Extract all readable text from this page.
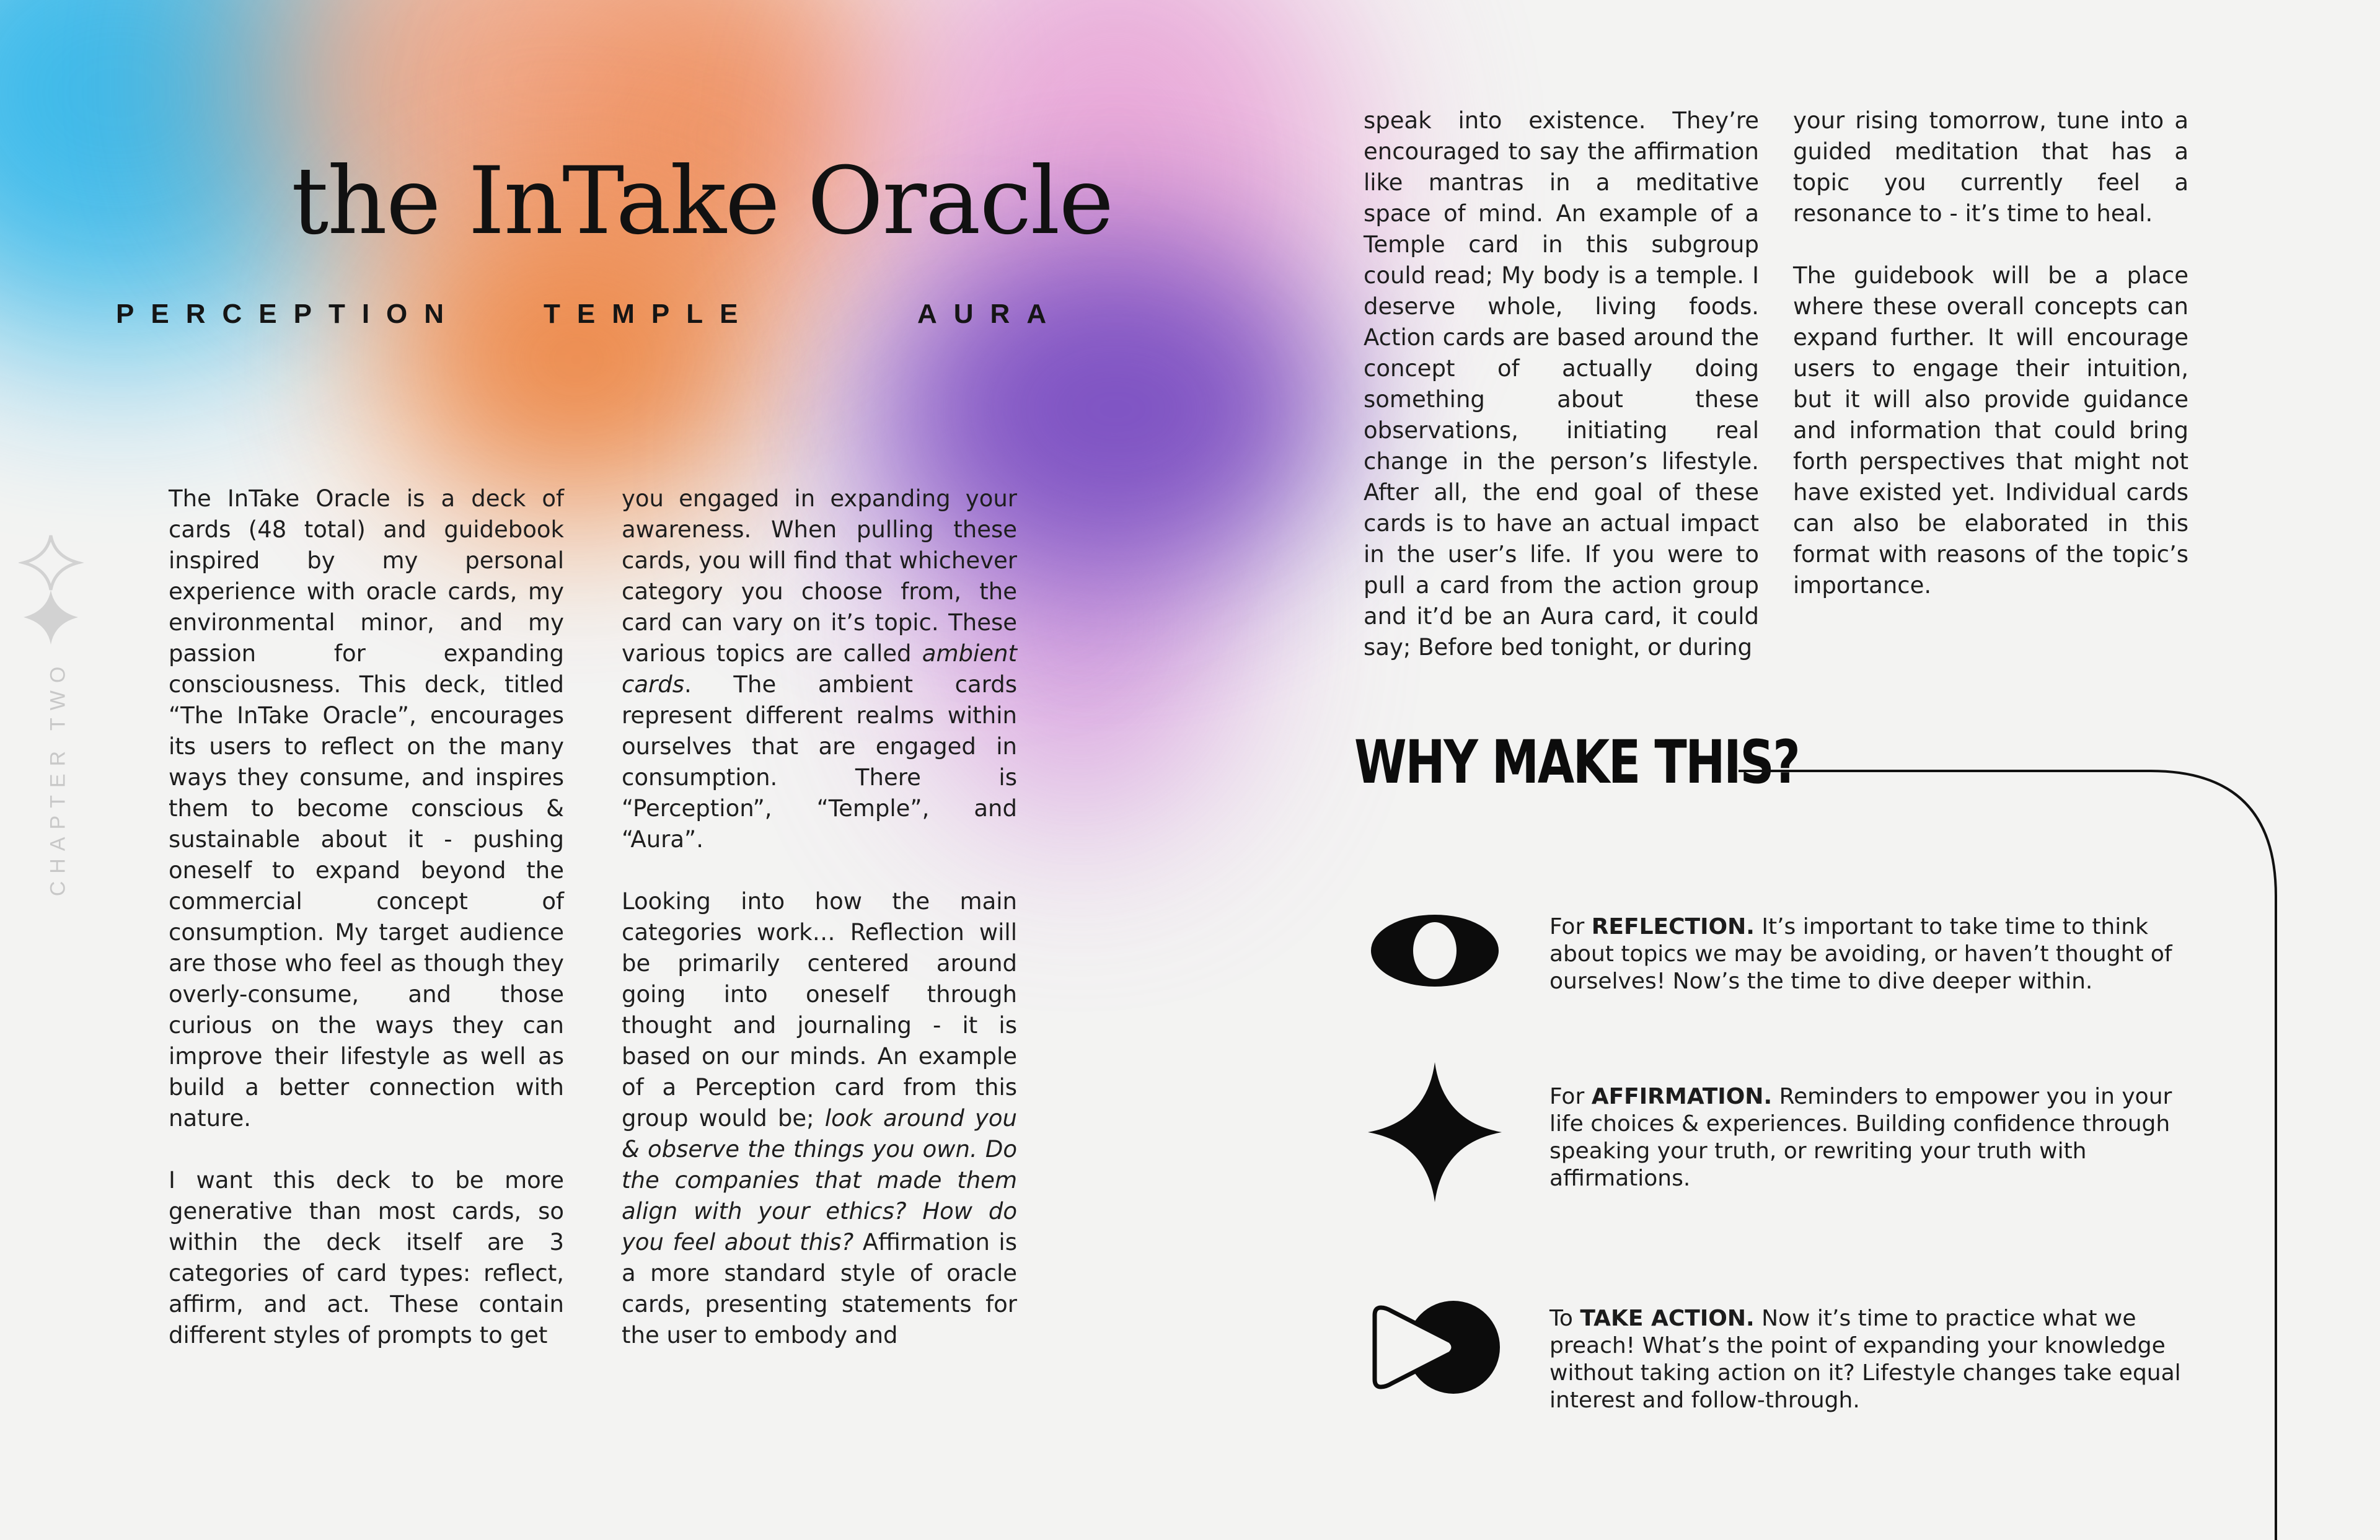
the InTake Oracle
PERCEPTION	TEMPLE	AURA
CHAPTER TWO

The InTake Oracle is a deck of cards (48 total) and guidebook inspired by my personal experience with oracle cards, my environmental minor, and my passion for expanding consciousness. This deck, titled “The InTake Oracle”, encourages its users to reflect on the many ways they consume, and inspires them to become conscious & sustainable about it - pushing oneself to expand beyond the commercial concept of consumption. My target audience are those who feel as though they overly-consume, and those curious on the ways they can improve their lifestyle as well as build a better connection with nature.

I want this deck to be more generative than most cards, so within the deck itself are 3 categories of card types: reflect, affirm, and act. These contain different styles of prompts to get

you engaged in expanding your awareness. When pulling these cards, you will find that whichever category you choose from, the card can vary on it’s topic. These various topics are called ambient cards. The ambient cards represent different realms within ourselves that are engaged in consumption. There is “Perception”, “Temple”, and “Aura”.

Looking into how the main categories work… Reflection will be primarily centered around going into oneself through thought and journaling - it is based on our minds. An example of a Perception card from this group would be; look around you & observe the things you own. Do the companies that made them align with your ethics? How do you feel about this? Affirmation is a more standard style of oracle cards, presenting statements for the user to embody and

speak into existence. They’re encouraged to say the affirmation like mantras in a meditative space of mind. An example of a Temple card in this subgroup could read; My body is a temple. I deserve whole, living foods. Action cards are based around the concept of actually doing something about these observations, initiating real change in the person’s lifestyle. After all, the end goal of these cards is to have an actual impact in the user’s life. If you were to pull a card from the action group and it’d be an Aura card, it could say; Before bed tonight, or during

your rising tomorrow, tune into a guided meditation that has a topic you currently feel a resonance to - it’s time to heal.

The guidebook will be a place where these overall concepts can expand further. It will encourage users to engage their intuition, but it will also provide guidance and information that could bring forth perspectives that might not have existed yet. Individual cards can also be elaborated in this format with reasons of the topic’s importance.

WHY MAKE THIS?
For REFLECTION. It’s important to take time to think about topics we may be avoiding, or haven’t thought of ourselves! Now’s the time to dive deeper within.
For AFFIRMATION. Reminders to empower you in your life choices & experiences. Building confidence through speaking your truth, or rewriting your truth with affirmations.
To TAKE ACTION. Now it’s time to practice what we preach! What’s the point of expanding your knowledge without taking action on it? Lifestyle changes take equal interest and follow-through.
